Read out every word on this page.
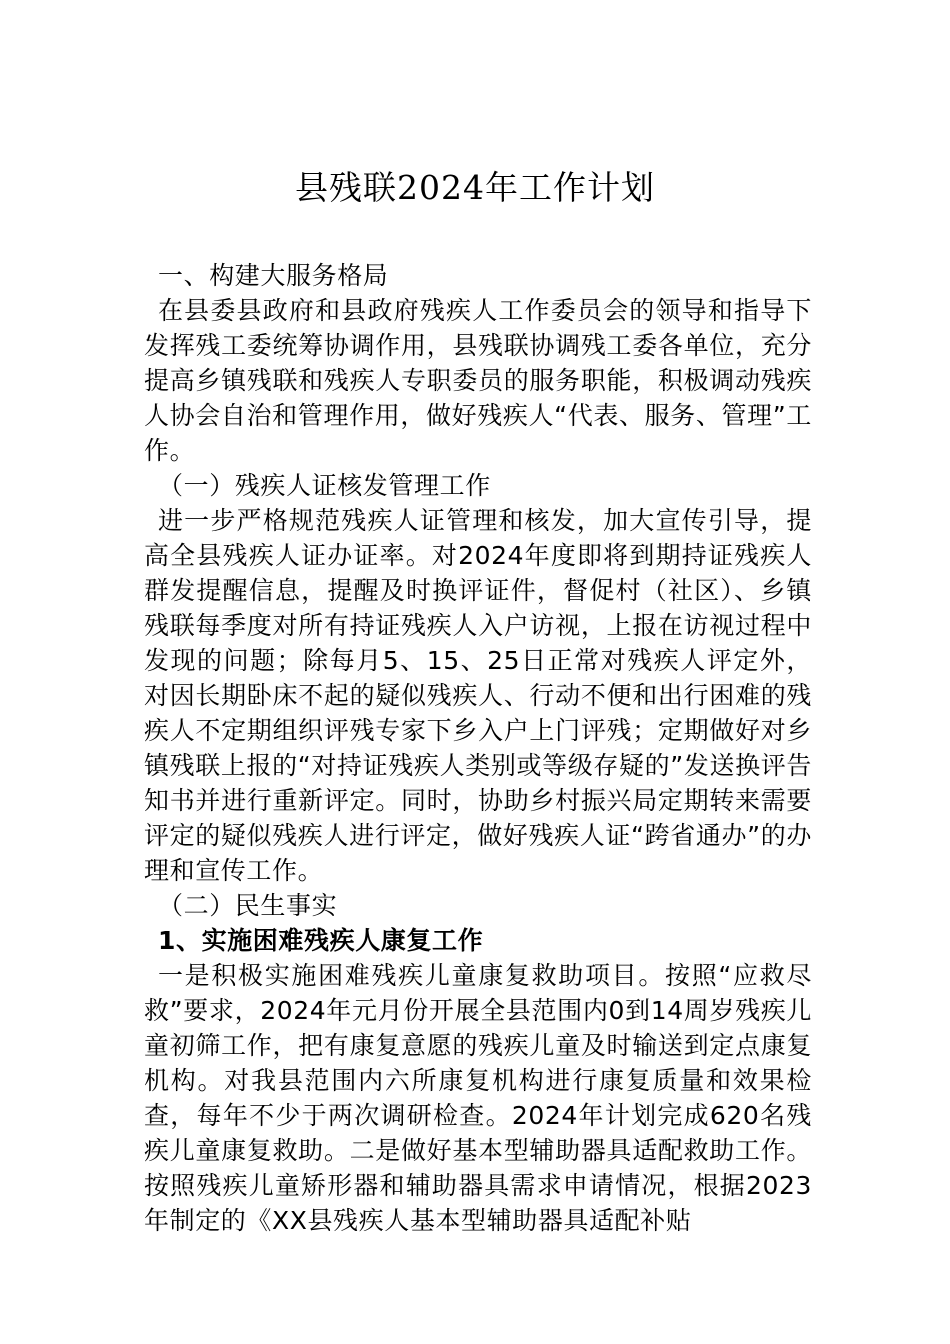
县残联2024年工作计划

一、构建大服务格局

在县委县政府和县政府残疾人工作委员会的领导和指导下发挥残工委统筹协调作用，县残联协调残工委各单位，充分提高乡镇残联和残疾人专职委员的服务职能，积极调动残疾人协会自治和管理作用，做好残疾人“代表、服务、管理”工作。

（一）残疾人证核发管理工作

进一步严格规范残疾人证管理和核发，加大宣传引导，提高全县残疾人证办证率。对2024年度即将到期持证残疾人群发提醒信息，提醒及时换评证件，督促村（社区）、乡镇残联每季度对所有持证残疾人入户访视，上报在访视过程中发现的问题；除每月5、15、25日正常对残疾人评定外，对因长期卧床不起的疑似残疾人、行动不便和出行困难的残疾人不定期组织评残专家下乡入户上门评残；定期做好对乡镇残联上报的“对持证残疾人类别或等级存疑的”发送换评告知书并进行重新评定。同时，协助乡村振兴局定期转来需要评定的疑似残疾人进行评定，做好残疾人证“跨省通办”的办理和宣传工作。

（二）民生事实

1、实施困难残疾人康复工作

一是积极实施困难残疾儿童康复救助项目。按照“应救尽救”要求，2024年元月份开展全县范围内0到14周岁残疾儿童初筛工作，把有康复意愿的残疾儿童及时输送到定点康复机构。对我县范围内六所康复机构进行康复质量和效果检查，每年不少于两次调研检查。2024年计划完成620名残疾儿童康复救助。二是做好基本型辅助器具适配救助工作。按照残疾儿童矫形器和辅助器具需求申请情况，根据2023年制定的《XX县残疾人基本型辅助器具适配补贴
